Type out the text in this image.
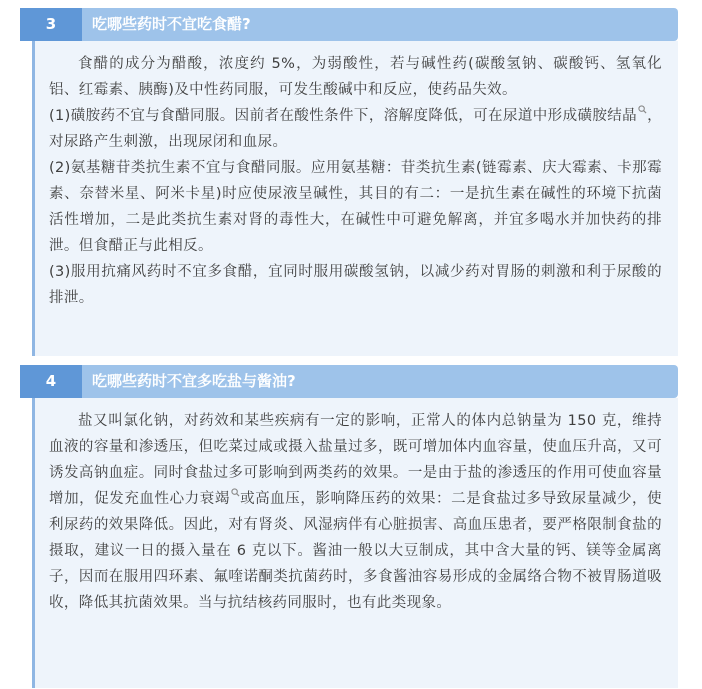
3	吃哪些药时不宜吃食醋?

食醋的成分为醋酸，浓度约 5%，为弱酸性，若与碱性药(碳酸氢钠、碳酸钙、氢氧化铝、红霉素、胰酶)及中性药同服，可发生酸碱中和反应，使药品失效。

(1)磺胺药不宜与食醋同服。因前者在酸性条件下，溶解度降低，可在尿道中形成磺胺结晶 ，对尿路产生刺激，出现尿闭和血尿。

(2)氨基糖苷类抗生素不宜与食醋同服。应用氨基糖：苷类抗生素(链霉素、庆大霉素、卡那霉素、奈替米星、阿米卡星)时应使尿液呈碱性，其目的有二：一是抗生素在碱性的环境下抗菌活性增加，二是此类抗生素对肾的毒性大，在碱性中可避免解离，并宜多喝水并加快药的排泄。但食醋正与此相反。

(3)服用抗痛风药时不宜多食醋，宜同时服用碳酸氢钠，以减少药对胃肠的刺激和利于尿酸的排泄。

4	吃哪些药时不宜多吃盐与酱油?

盐又叫氯化钠，对药效和某些疾病有一定的影响，正常人的体内总钠量为 150 克，维持血液的容量和渗透压，但吃菜过咸或摄入盐量过多，既可增加体内血容量，使血压升高，又可诱发高钠血症。同时食盐过多可影响到两类药的效果。一是由于盐的渗透压的作用可使血容量增加，促发充血性心力衰竭 或高血压，影响降压药的效果：二是食盐过多导致尿量减少，使利尿药的效果降低。因此，对有肾炎、风湿病伴有心脏损害、高血压患者，要严格限制食盐的摄取，建议一日的摄入量在 6 克以下。酱油一般以大豆制成，其中含大量的钙、镁等金属离子，因而在服用四环素、氟喹诺酮类抗菌药时，多食酱油容易形成的金属络合物不被胃肠道吸收，降低其抗菌效果。当与抗结核药同服时，也有此类现象。
